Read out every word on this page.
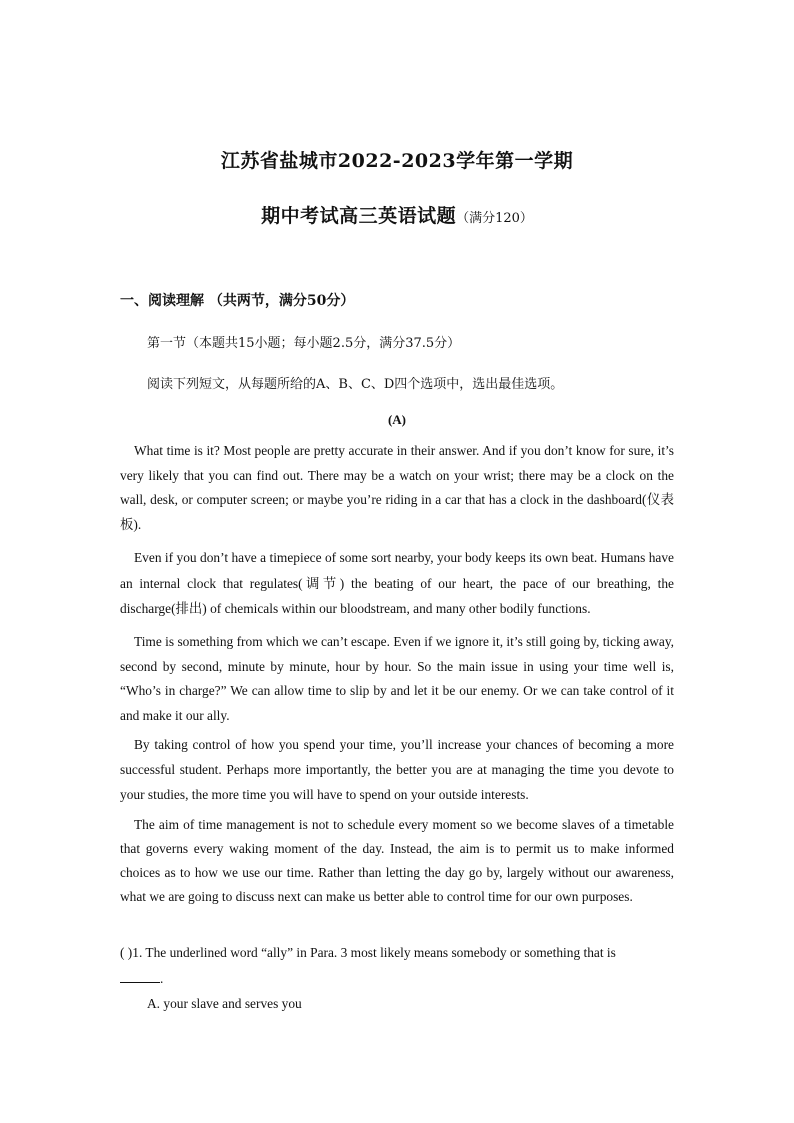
江苏省盐城市2022-2023学年第一学期
期中考试高三英语试题（满分120）
一、阅读理解 （共两节，满分50分）
第一节（本题共15小题；每小题2.5分，满分37.5分）
阅读下列短文，从每题所给的A、B、C、D四个选项中，选出最佳选项。
(A)

What time is it? Most people are pretty accurate in their answer. And if you don’t know for sure, it’s very likely that you can find out. There may be a watch on your wrist; there may be a clock on the wall, desk, or computer screen; or maybe you’re riding in a car that has a clock in the dashboard(仪表板).

Even if you don’t have a timepiece of some sort nearby, your body keeps its own beat. Humans have an internal clock that regulates(调节) the beating of our heart, the pace of our breathing, the discharge(排出) of chemicals within our bloodstream, and many other bodily functions.

Time is something from which we can’t escape. Even if we ignore it, it’s still going by, ticking away, second by second, minute by minute, hour by hour. So the main issue in using your time well is, “Who’s in charge?” We can allow time to slip by and let it be our enemy. Or we can take control of it and make it our ally.

By taking control of how you spend your time, you’ll increase your chances of becoming a more successful student. Perhaps more importantly, the better you are at managing the time you devote to your studies, the more time you will have to spend on your outside interests.

The aim of time management is not to schedule every moment so we become slaves of a timetable that governs every waking moment of the day. Instead, the aim is to permit us to make informed choices as to how we use our time. Rather than letting the day go by, largely without our awareness, what we are going to discuss next can make us better able to control time for our own purposes.

( )1. The underlined word “ally” in Para. 3 most likely means somebody or something that is
.

A. your slave and serves you
